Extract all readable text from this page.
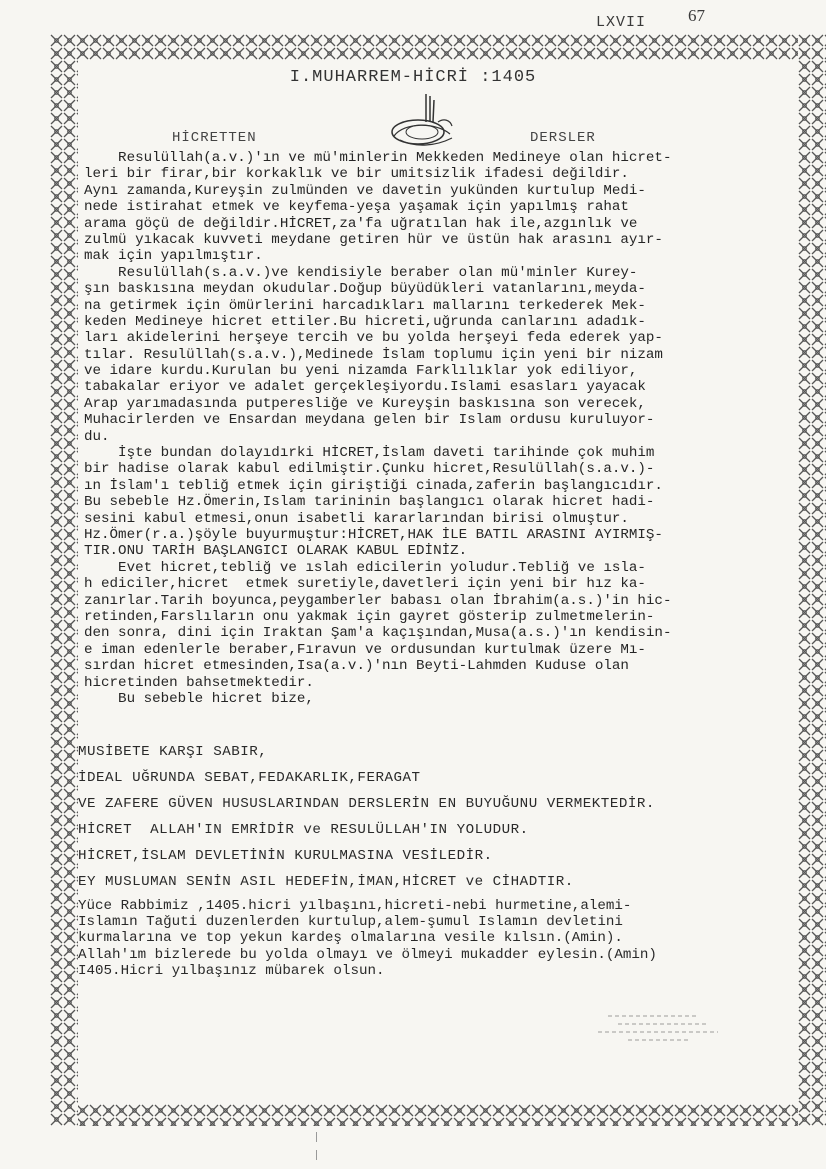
LXVII 67
I.MUHARREM-HİCRİ :1405
HİCRETTEN	DERSLER
Resulüllah(a.v.)'ın ve mü'minlerin Mekkeden Medineye olan hicret-
leri bir firar,bir korkaklık ve bir umitsizlik ifadesi değildir.
Aynı zamanda,Kureyşin zulmünden ve davetin yukünden kurtulup Medi-
nede istirahat etmek ve keyfema-yeşa yaşamak için yapılmış rahat
arama göçü de değildir.HİCRET,za'fa uğratılan hak ile,azgınlık ve
zulmü yıkacak kuvveti meydane getiren hür ve üstün hak arasını ayır-
mak için yapılmıştır.
Resulüllah(s.a.v.)ve kendisiyle beraber olan mü'minler Kurey-
şın baskısına meydan okudular.Doğup büyüdükleri vatanlarını,meyda-
na getirmek için ömürlerini harcadıkları mallarını terkederek Mek-
keden Medineye hicret ettiler.Bu hicreti,uğrunda canlarını adadık-
ları akidelerini herşeye tercih ve bu yolda herşeyi feda ederek yap-
tılar. Resulüllah(s.a.v.),Medinede İslam toplumu için yeni bir nizam
ve idare kurdu.Kurulan bu yeni nizamda Farklılıklar yok ediliyor,
tabakalar eriyor ve adalet gerçekleşiyordu.Islami esasları yayacak
Arap yarımadasında putperesliğe ve Kureyşin baskısına son verecek,
Muhacirlerden ve Ensardan meydana gelen bir Islam ordusu kuruluyor-
du.
İşte bundan dolayıdırki HİCRET,İslam daveti tarihinde çok muhim
bir hadise olarak kabul edilmiştir.Çunku hicret,Resulüllah(s.a.v.)-
ın İslam'ı tebliğ etmek için giriştiği cinada,zaferin başlangıcıdır.
Bu sebeble Hz.Ömerin,Islam tarininin başlangıcı olarak hicret hadi-
sesini kabul etmesi,onun isabetli kararlarından birisi olmuştur.
Hz.Ömer(r.a.)şöyle buyurmuştur:HİCRET,HAK İLE BATIL ARASINI AYIRMIŞ-
TIR.ONU TARİH BAŞLANGICI OLARAK KABUL EDİNİZ.
Evet hicret,tebliğ ve ıslah edicilerin yoludur.Tebliğ ve ısla-
h ediciler,hicret  etmek suretiyle,davetleri için yeni bir hız ka-
zanırlar.Tarih boyunca,peygamberler babası olan İbrahim(a.s.)'in hic-
retinden,Farslıların onu yakmak için gayret gösterip zulmetmelerin-
den sonra, dini için Iraktan Şam'a kaçışından,Musa(a.s.)'ın kendisin-
e iman edenlerle beraber,Fıravun ve ordusundan kurtulmak üzere Mı-
sırdan hicret etmesinden,Isa(a.v.)'nın Beyti-Lahmden Kuduse olan
hicretinden bahsetmektedir.
Bu sebeble hicret bize,
MUSİBETE KARŞI SABIR,
İDEAL UĞRUNDA SEBAT,FEDAKARLIK,FERAGAT
VE ZAFERE GÜVEN HUSUSLARINDAN DERSLERİN EN BUYUĞUNU VERMEKTEDİR.
HİCRET  ALLAH'IN EMRİDİR ve RESULÜLLAH'IN YOLUDUR.
HİCRET,İSLAM DEVLETİNİN KURULMASINA VESİLEDİR.
EY MUSLUMAN SENİN ASIL HEDEFİN,İMAN,HİCRET ve CİHADTIR.
Yüce Rabbimiz ,1405.hicri yılbaşını,hicreti-nebi hurmetine,alemi-
Islamın Tağuti duzenlerden kurtulup,alem-şumul Islamın devletini
kurmalarına ve top yekun kardeş olmalarına vesile kılsın.(Amin).
Allah'ım bizlerede bu yolda olmayı ve ölmeyi mukadder eylesin.(Amin)
I405.Hicri yılbaşınız mübarek olsun.
